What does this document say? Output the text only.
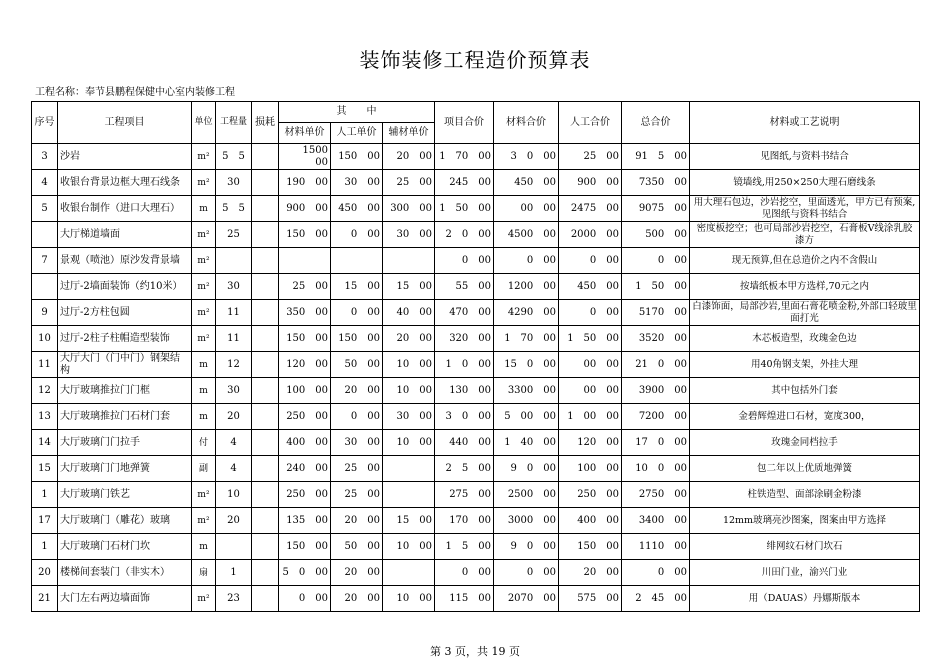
装饰装修工程造价预算表
工程名称：奉节县鹏程保健中心室内装修工程
序号	工程项目	单位	工程量	损耗	其　　中			项目合价	材料合价	人工合价	总合价	材料或工艺说明
					材料单价	人工单价	辅材单价					
3	沙岩	m²	5　5		1500　00	150　00	20　00	1　70　00	3　0　00	25　00	91　5　00	见图纸,与资料书结合
4	收银台背景边框大理石线条	m²	30		190　00	30　00	25　00	245　00	450　00	900　00	7350　00	镜墙线,用250×250大理石磨线条
5	收银台制作（进口大理石）	m	5　5		900　00	450　00	300　00	1　50　00	00　00	2475　00	9075　00	用大理石包边，沙岩挖空，里面透光，甲方已有预案,见图纸与资料书结合
	大厅梯道墙面	m²	25		150　00	0　00	30　00	2　0　00	4500　00	2000　00	500　00	密度板挖空；也可局部沙岩挖空，石膏板V线涂乳胶漆方
7	景观（喷池）原沙发背景墙	m²						0　00	0　00	0　00	0　00	现无预算,但在总造价之内不含假山
	过厅-2墙面装饰（约10米）	m²	30		25　00	15　00	15　00	55　00	1200　00	450　00	1　50　00	按墙纸板本甲方选样,70元之内
9	过厅-2方柱包圆	m²	11		350　00	0　00	40　00	470　00	4290　00	0　00	5170　00	白漆饰面，局部沙岩,里面石膏花喷金粉,外部口轻玻里面打光
10	过厅-2柱子柱帽造型装饰	m²	11		150　00	150　00	20　00	320　00	1　70　00	1　50　00	3520　00	木芯板造型，玫瑰金色边
11	大厅大门（门中门）钢架结构	m	12		120　00	50　00	10　00	1　0　00	15　0　00	00　00	21　0　00	用40角钢支架，外挂大理
12	大厅玻璃推拉门门框	m	30		100　00	20　00	10　00	130　00	3300　00	00　00	3900　00	其中包括外门套
13	大厅玻璃推拉门石材门套	m	20		250　00	0　00	30　00	3　0　00	5　00　00	1　00　00	7200　00	金碧辉煌进口石材，宽度300，
14	大厅玻璃门门拉手	付	4		400　00	30　00	10　00	440　00	1　40　00	120　00	17　0　00	玫瑰金同档拉手
15	大厅玻璃门门地弹簧	副	4		240　00	25　00		2　5　00	9　0　00	100　00	10　0　00	包二年以上优质地弹簧
1	大厅玻璃门铁艺	m²	10		250　00	25　00		275　00	2500　00	250　00	2750　00	柱铁造型、面部涂刷金粉漆
17	大厅玻璃门（雕花）玻璃	m²	20		135　00	20　00	15　00	170　00	3000　00	400　00	3400　00	12mm玻璃亮沙图案，图案由甲方选择
1	大厅玻璃门石材门坎	m			150　00	50　00	10　00	1　5　00	9　0　00	150　00	1110　00	绯网纹石材门坎石
20	楼梯间套装门（非实木）	扇	1		5　0　00	20　00		0　00	0　00	20　00	0　00	川田门业，渝兴门业
21	大门左右两边墙面饰	m²	23		0　00	20　00	10　00	115　00	2070　00	575　00	2　45　00	用（DAUAS）丹娜斯版本
第 3 页，共 19 页
